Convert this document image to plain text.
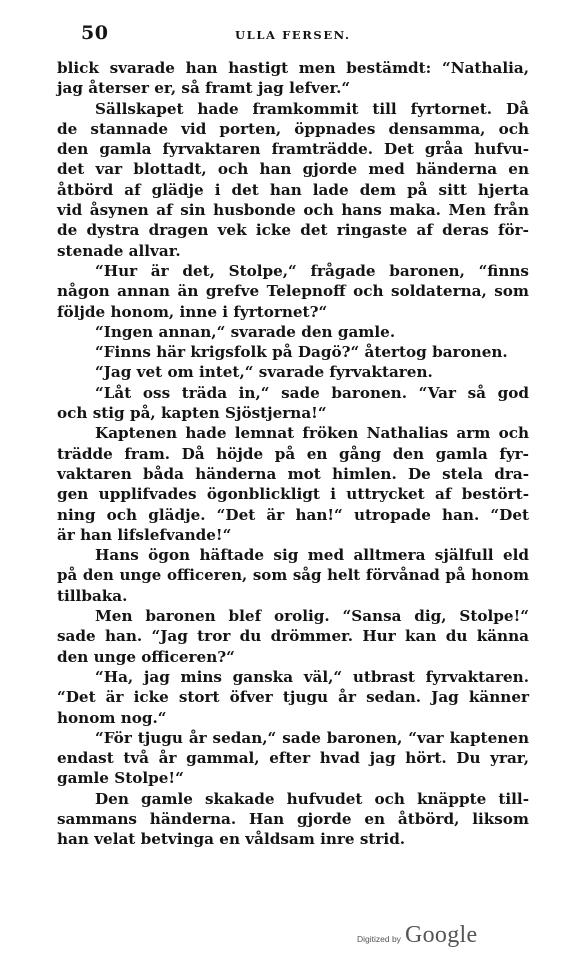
50	ULLA FERSEN.
blick svarade han hastigt men bestämdt: “Nathalia,
jag återser er, så framt jag lefver.“
Sällskapet hade framkommit till fyrtornet. Då
de stannade vid porten, öppnades densamma, och
den gamla fyrvaktaren framträdde. Det gråa hufvu-
det var blottadt, och han gjorde med händerna en
åtbörd af glädje i det han lade dem på sitt hjerta
vid åsynen af sin husbonde och hans maka. Men från
de dystra dragen vek icke det ringaste af deras för-
stenade allvar.
“Hur är det, Stolpe,“ frågade baronen, “finns
någon annan än grefve Telepnoff och soldaterna, som
följde honom, inne i fyrtornet?“
“Ingen annan,“ svarade den gamle.
“Finns här krigsfolk på Dagö?“ återtog baronen.
“Jag vet om intet,“ svarade fyrvaktaren.
“Låt oss träda in,“ sade baronen. “Var så god
och stig på, kapten Sjöstjerna!“
Kaptenen hade lemnat fröken Nathalias arm och
trädde fram. Då höjde på en gång den gamla fyr-
vaktaren båda händerna mot himlen. De stela dra-
gen upplifvades ögonblickligt i uttrycket af bestört-
ning och glädje. “Det är han!“ utropade han. “Det
är han lifslefvande!“
Hans ögon häftade sig med alltmera själfull eld
på den unge officeren, som såg helt förvånad på honom
tillbaka.
Men baronen blef orolig. “Sansa dig, Stolpe!“
sade han. “Jag tror du drömmer. Hur kan du känna
den unge officeren?“
“Ha, jag mins ganska väl,“ utbrast fyrvaktaren.
“Det är icke stort öfver tjugu år sedan. Jag känner
honom nog.“
“För tjugu år sedan,“ sade baronen, “var kaptenen
endast två år gammal, efter hvad jag hört. Du yrar,
gamle Stolpe!“
Den gamle skakade hufvudet och knäppte till-
sammans händerna. Han gjorde en åtbörd, liksom
han velat betvinga en våldsam inre strid.
Digitized by Google
